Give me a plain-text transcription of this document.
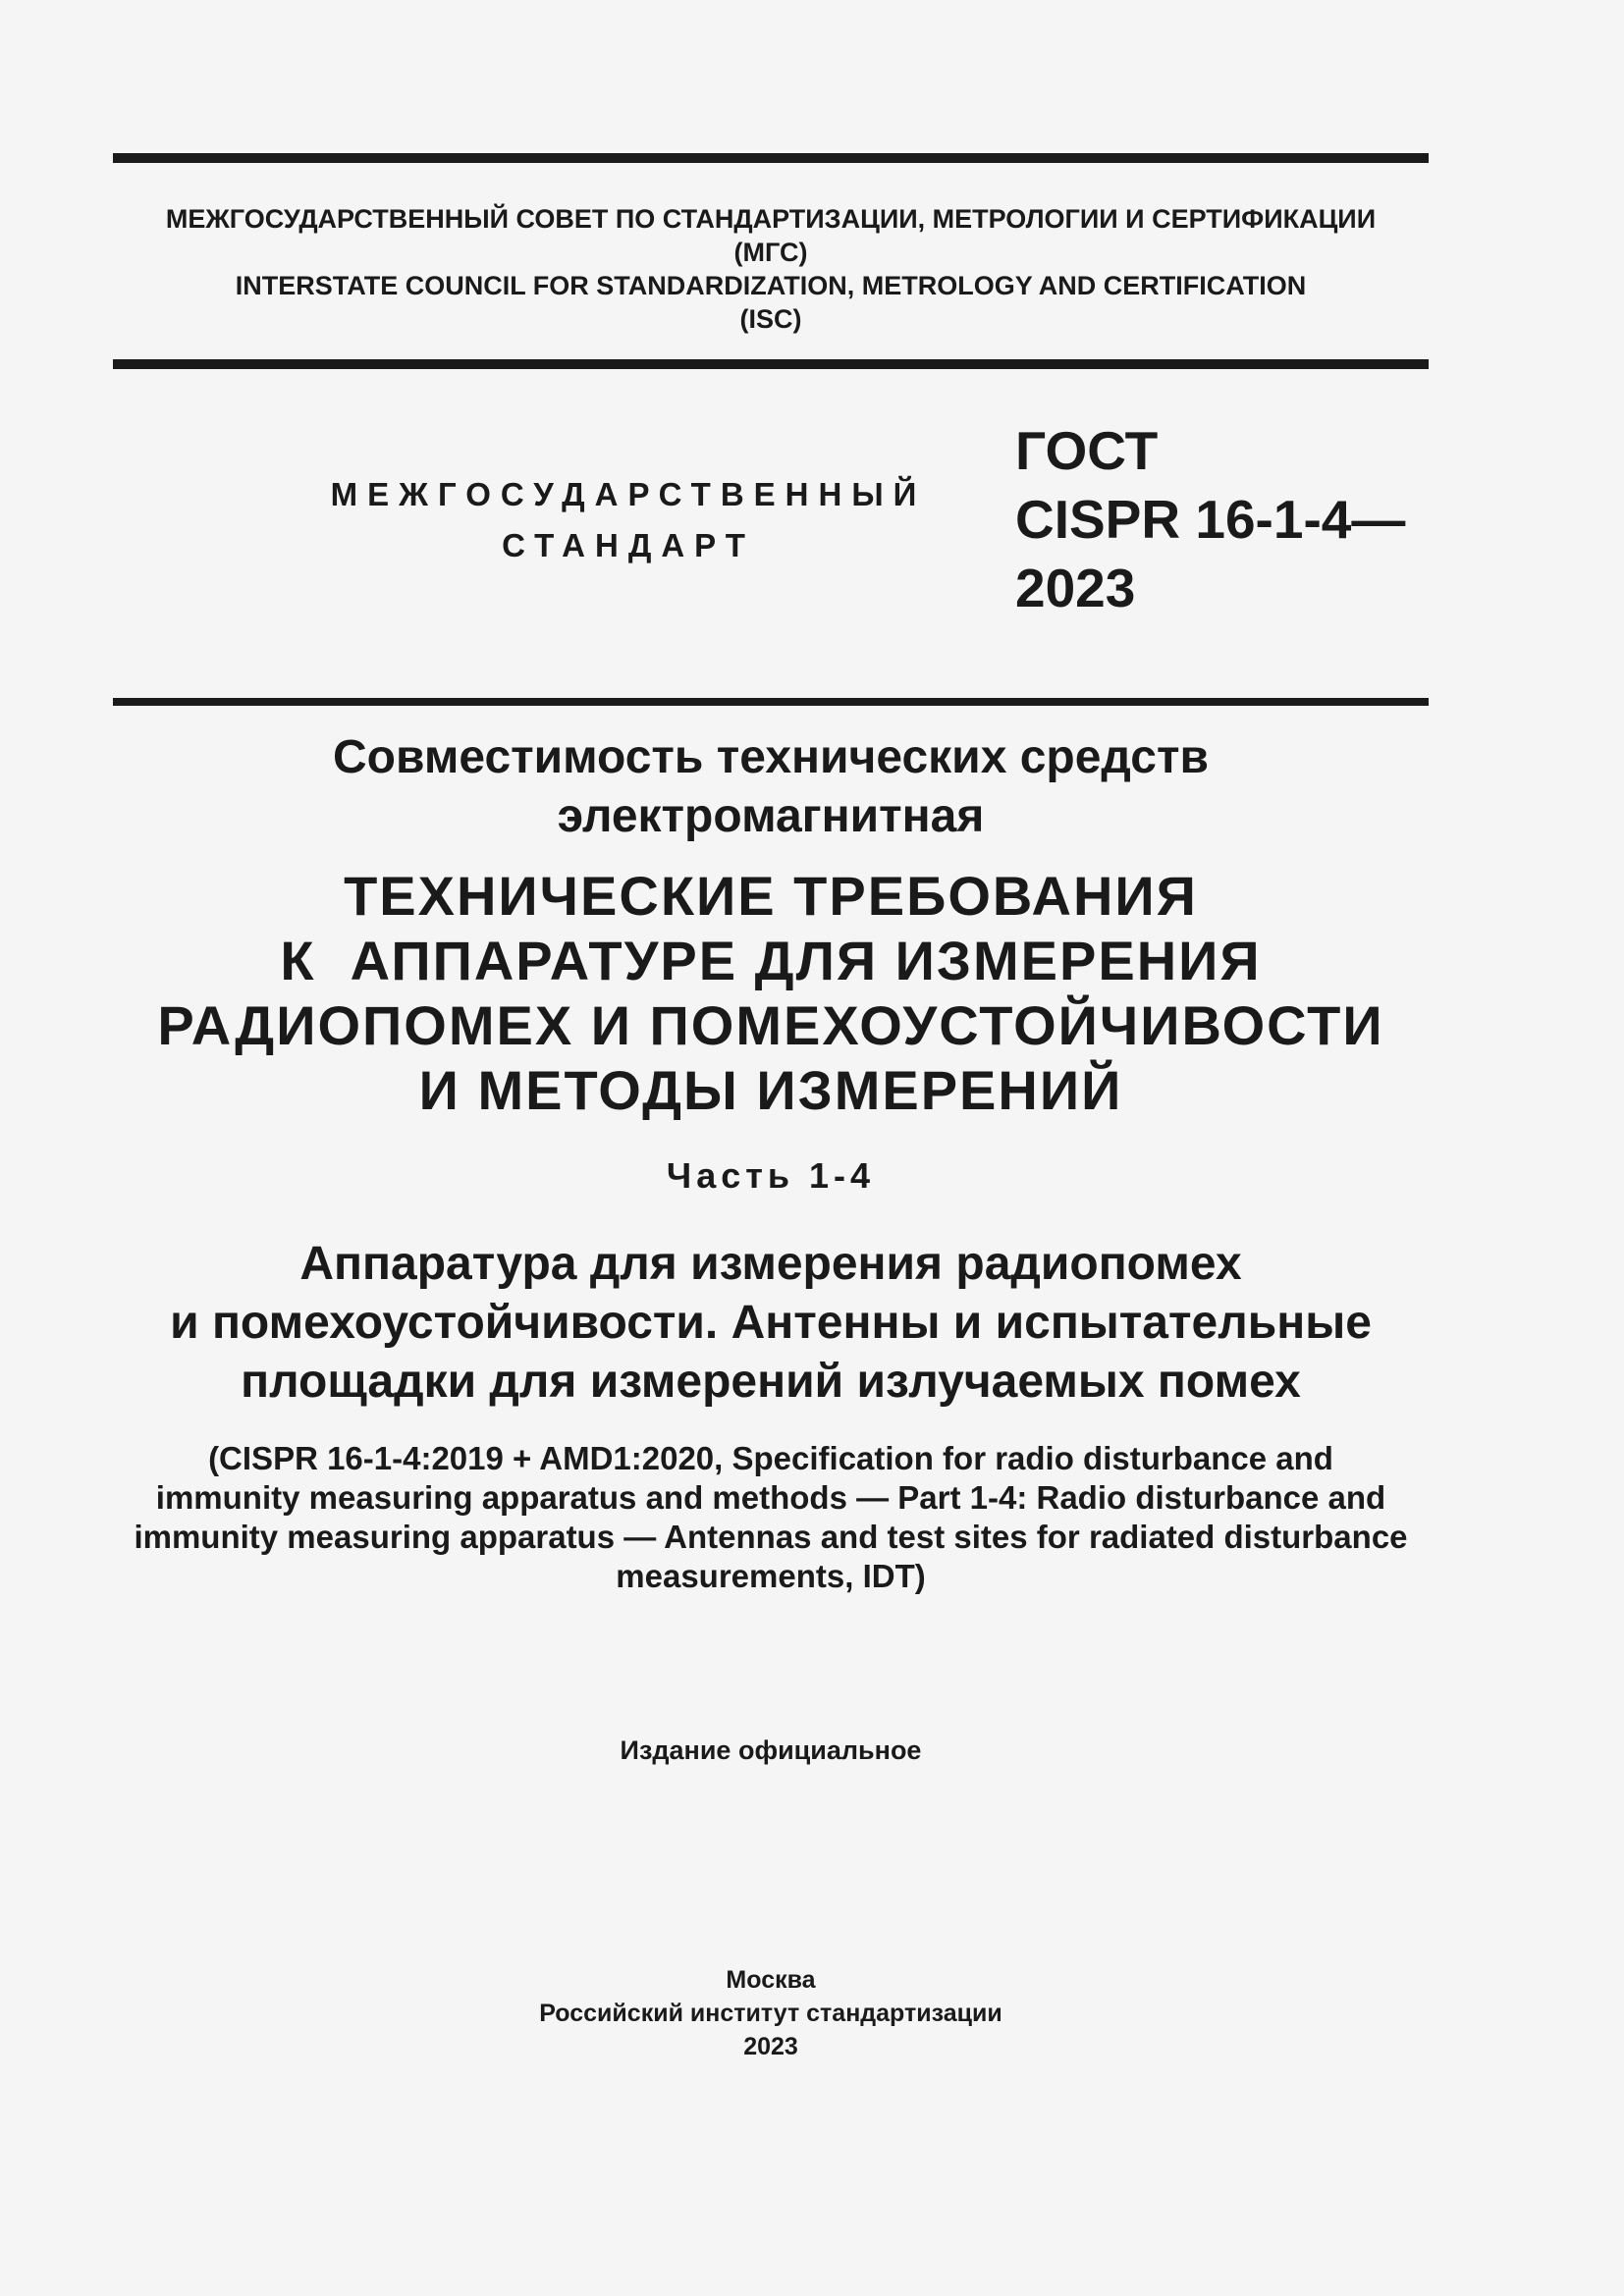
МЕЖГОСУДАРСТВЕННЫЙ СОВЕТ ПО СТАНДАРТИЗАЦИИ, МЕТРОЛОГИИ И СЕРТИФИКАЦИИ
(МГС)
INTERSTATE COUNCIL FOR STANDARDIZATION, METROLOGY AND CERTIFICATION
(ISC)
МЕЖГОСУДАРСТВЕННЫЙ
СТАНДАРТ
ГОСТ
CISPR 16-1-4—
2023
Совместимость технических средств
электромагнитная
ТЕХНИЧЕСКИЕ ТРЕБОВАНИЯ
К  АППАРАТУРЕ ДЛЯ ИЗМЕРЕНИЯ
РАДИОПОМЕХ И ПОМЕХОУСТОЙЧИВОСТИ
И МЕТОДЫ ИЗМЕРЕНИЙ
Часть 1-4
Аппаратура для измерения радиопомех
и помехоустойчивости. Антенны и испытательные
площадки для измерений излучаемых помех
(CISPR 16-1-4:2019 + AMD1:2020, Specification for radio disturbance and
immunity measuring apparatus and methods — Part 1-4: Radio disturbance and
immunity measuring apparatus — Antennas and test sites for radiated disturbance
measurements, IDT)
Издание официальное
Москва
Российский институт стандартизации
2023
